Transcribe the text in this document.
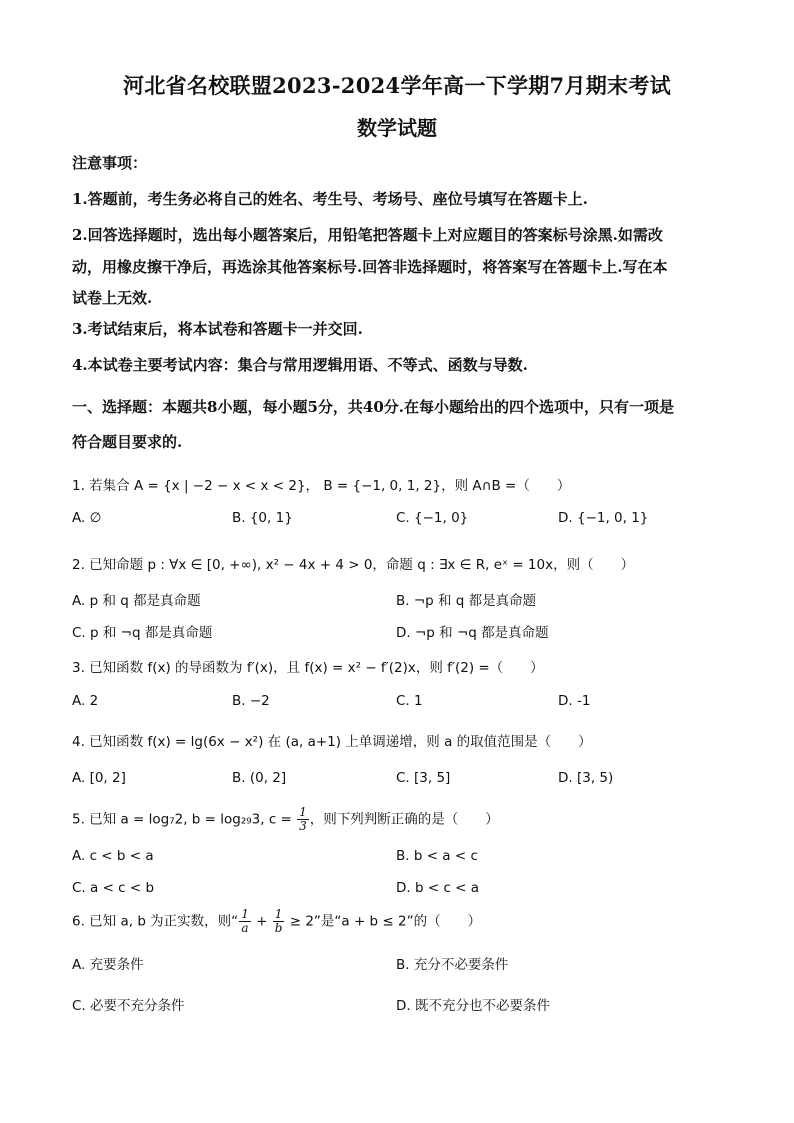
河北省名校联盟2023-2024学年高一下学期7月期末考试
数学试题
注意事项：
1.答题前，考生务必将自己的姓名、考生号、考场号、座位号填写在答题卡上.
2.回答选择题时，选出每小题答案后，用铅笔把答题卡上对应题目的答案标号涂黑.如需改
动，用橡皮擦干净后，再选涂其他答案标号.回答非选择题时，将答案写在答题卡上.写在本
试卷上无效.
3.考试结束后，将本试卷和答题卡一并交回.
4.本试卷主要考试内容：集合与常用逻辑用语、不等式、函数与导数.
一、选择题：本题共8小题，每小题5分，共40分.在每小题给出的四个选项中，只有一项是
符合题目要求的.
1. 若集合 A = {x | −2 − x < x < 2}， B = {−1, 0, 1, 2}，则 A∩B =（　　）
A. ∅	B. {0, 1}	C. {−1, 0}	D. {−1, 0, 1}
2. 已知命题 p : ∀x ∈ [0, +∞), x² − 4x + 4 > 0，命题 q : ∃x ∈ R, eˣ = 10x，则（　　）
A. p 和 q 都是真命题	B. ¬p 和 q 都是真命题
C. p 和 ¬q 都是真命题	D. ¬p 和 ¬q 都是真命题
3. 已知函数 f(x) 的导函数为 f′(x)，且 f(x) = x² − f′(2)x，则 f′(2) =（　　）
A. 2	B. −2	C. 1	D. -1
4. 已知函数 f(x) = lg(6x − x²) 在 (a, a+1) 上单调递增，则 a 的取值范围是（　　）
A. [0, 2]	B. (0, 2]	C. [3, 5]	D. [3, 5)
5. 已知 a = log₇2, b = log₂₉3, $c = \frac{1}{3}$ ，则下列判断正确的是（　　）
A. c < b < a	B. b < a < c
C. a < c < b	D. b < c < a
6. 已知 a, b 为正实数，则“ $\frac{1}{a} + \frac{1}{b} \ge 2$”是“a + b ≤ 2”的（　　）
A. 充要条件	B. 充分不必要条件
C. 必要不充分条件	D. 既不充分也不必要条件
